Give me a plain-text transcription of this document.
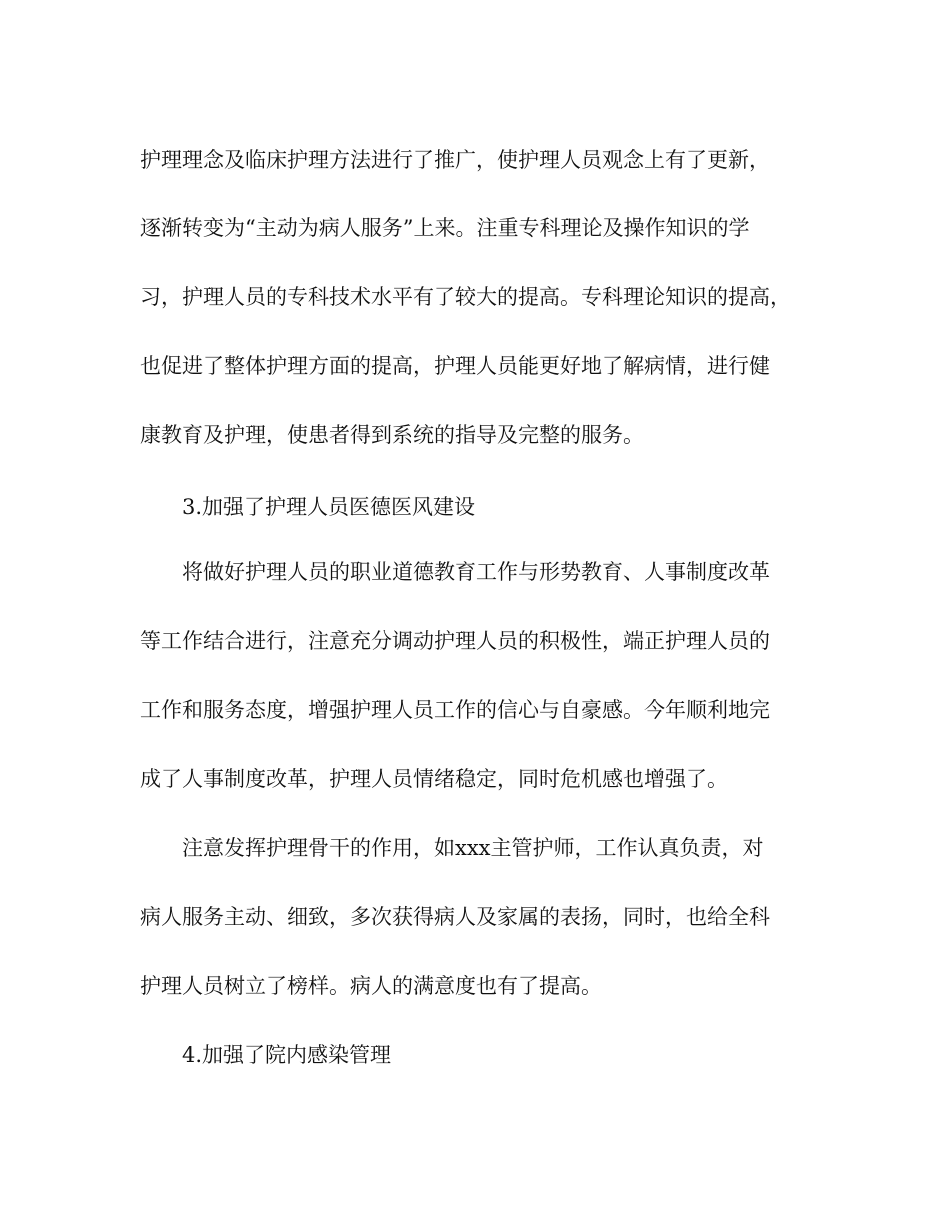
护理理念及临床护理方法进行了推广，使护理人员观念上有了更新，
逐渐转变为“主动为病人服务”上来。注重专科理论及操作知识的学
习，护理人员的专科技术水平有了较大的提高。专科理论知识的提高，
也促进了整体护理方面的提高，护理人员能更好地了解病情，进行健
康教育及护理，使患者得到系统的指导及完整的服务。
3.加强了护理人员医德医风建设
将做好护理人员的职业道德教育工作与形势教育、人事制度改革
等工作结合进行，注意充分调动护理人员的积极性，端正护理人员的
工作和服务态度，增强护理人员工作的信心与自豪感。今年顺利地完
成了人事制度改革，护理人员情绪稳定，同时危机感也增强了。
注意发挥护理骨干的作用，如xxx主管护师，工作认真负责，对
病人服务主动、细致，多次获得病人及家属的表扬，同时，也给全科
护理人员树立了榜样。病人的满意度也有了提高。
4.加强了院内感染管理
